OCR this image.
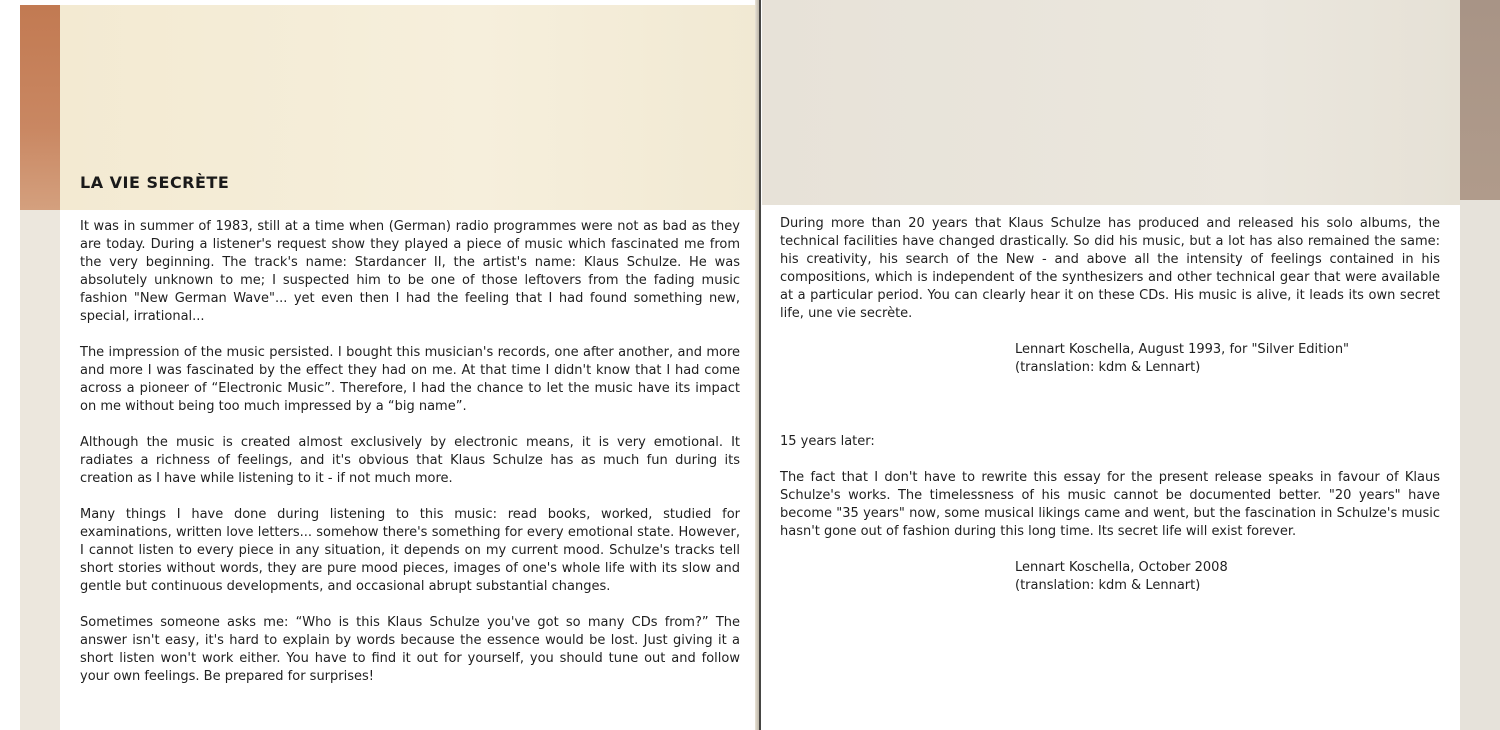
LA VIE SECRÈTE

It was in summer of 1983, still at a time when (German) radio programmes were not as bad as they are today. During a listener's request show they played a piece of music which fascinated me from the very beginning. The track's name: Stardancer II, the artist's name: Klaus Schulze. He was absolutely unknown to me; I suspected him to be one of those leftovers from the fading music fashion "New German Wave"... yet even then I had the feeling that I had found something new, special, irrational...

The impression of the music persisted. I bought this musician's records, one after another, and more and more I was fascinated by the effect they had on me. At that time I didn't know that I had come across a pioneer of “Electronic Music”. Therefore, I had the chance to let the music have its impact on me without being too much impressed by a “big name”.

Although the music is created almost exclusively by electronic means, it is very emotional. It radiates a richness of feelings, and it's obvious that Klaus Schulze has as much fun during its creation as I have while listening to it - if not much more.

Many things I have done during listening to this music: read books, worked, studied for examinations, written love letters... somehow there's something for every emotional state. However, I cannot listen to every piece in any situation, it depends on my current mood. Schulze's tracks tell short stories without words, they are pure mood pieces, images of one's whole life with its slow and gentle but continuous developments, and occasional abrupt substantial changes.

Sometimes someone asks me: “Who is this Klaus Schulze you've got so many CDs from?” The answer isn't easy, it's hard to explain by words because the essence would be lost. Just giving it a short listen won't work either. You have to find it out for yourself, you should tune out and follow your own feelings. Be prepared for surprises!

During more than 20 years that Klaus Schulze has produced and released his solo albums, the technical facilities have changed drastically. So did his music, but a lot has also remained the same: his creativity, his search of the New - and above all the intensity of feelings contained in his compositions, which is independent of the synthesizers and other technical gear that were available at a particular period. You can clearly hear it on these CDs. His music is alive, it leads its own secret life, une vie secrète.

Lennart Koschella, August 1993, for "Silver Edition"

(translation: kdm & Lennart)

15 years later:

The fact that I don't have to rewrite this essay for the present release speaks in favour of Klaus Schulze's works. The timelessness of his music cannot be documented better. "20 years" have become "35 years" now, some musical likings came and went, but the fascination in Schulze's music hasn't gone out of fashion during this long time. Its secret life will exist forever.

Lennart Koschella, October 2008

(translation: kdm & Lennart)
